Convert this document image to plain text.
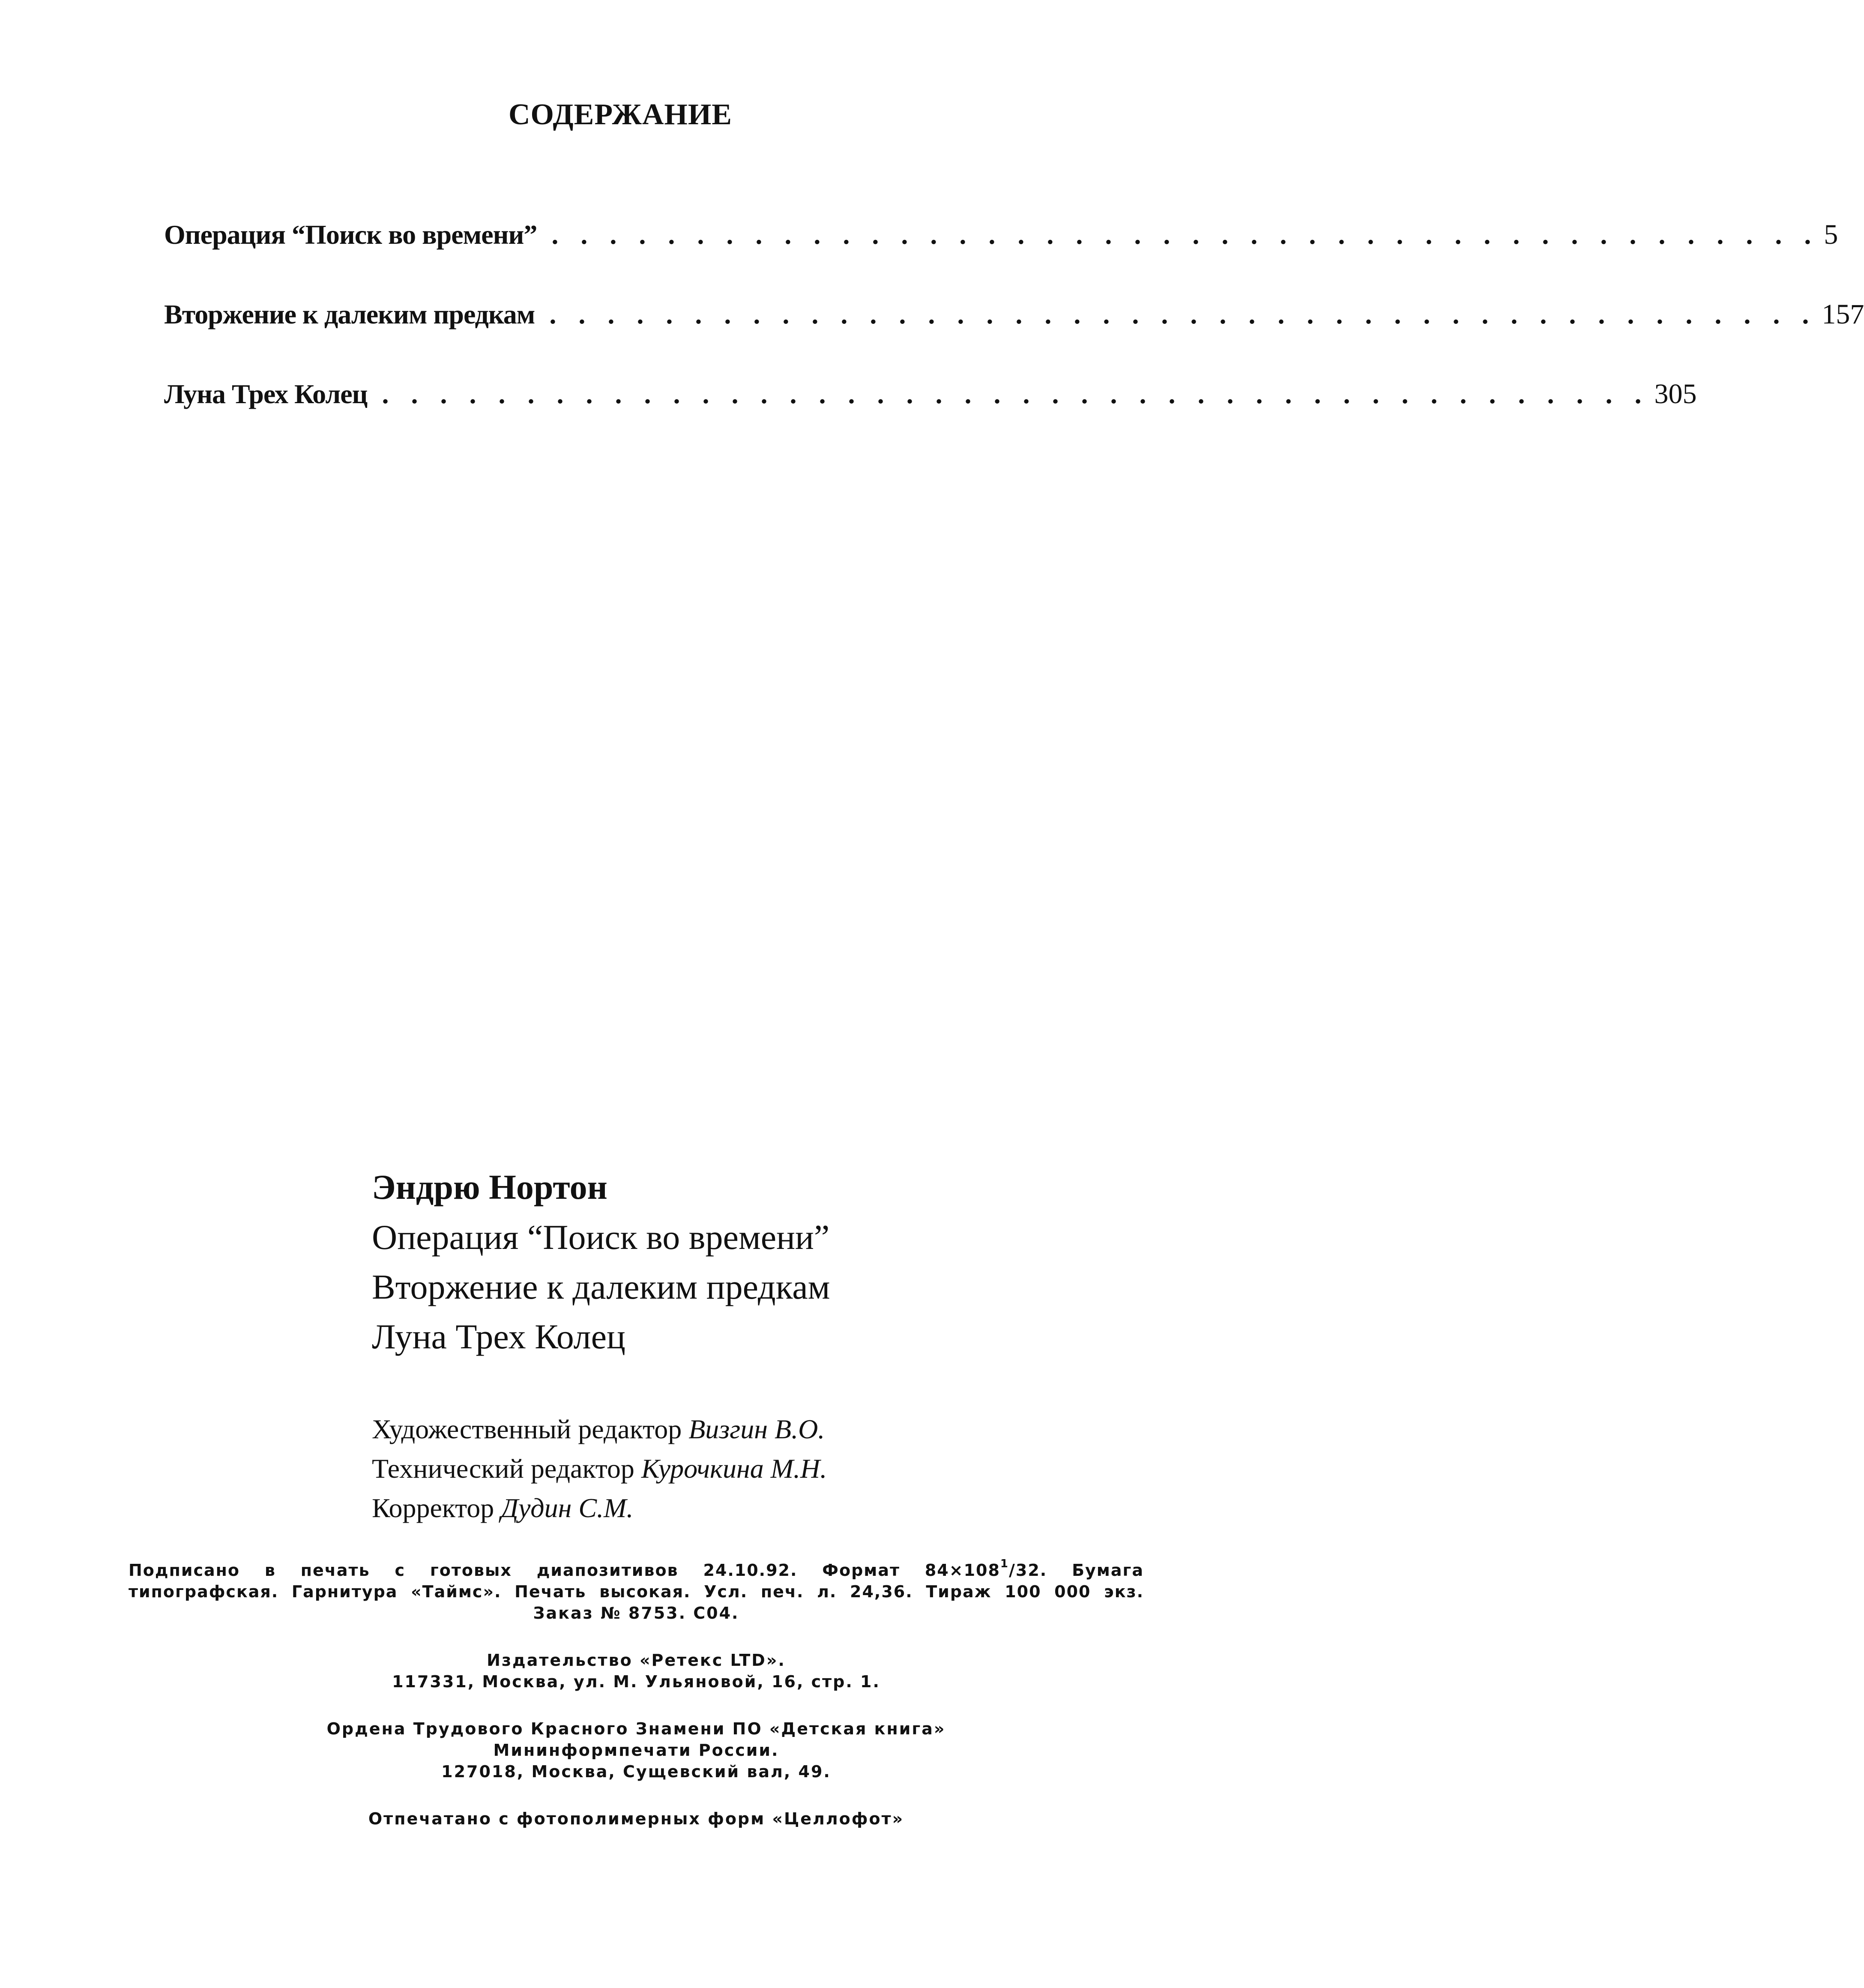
СОДЕРЖАНИЕ
Операция “Поиск во времени” . . . . . . . . . . . . . . . . . . . . . . . . . . . . . . . . . . . . . . . . . . . . 5
Вторжение к далеким предкам . . . . . . . . . . . . . . . . . . . . . . . . . . . . . . . . . . . . . . . . . . . . 157
Луна Трех Колец . . . . . . . . . . . . . . . . . . . . . . . . . . . . . . . . . . . . . . . . . . . . 305
Эндрю Нортон
Операция “Поиск во времени”
Вторжение к далеким предкам
Луна Трех Колец
Художественный редактор Визгин В.О.
Технический редактор Курочкина М.Н.
Корректор Дудин С.М.
Подписано в печать с готовых диапозитивов 24.10.92. Формат $84\times 108^1/32$. Бумага
типографская. Гарнитура «Таймс». Печать высокая. Усл. печ. л. 24,36. Тираж 100 000 экз.
Заказ № 8753. С04.
Издательство «Ретекс LTD».
117331, Москва, ул. М. Ульяновой, 16, стр. 1.
Ордена Трудового Красного Знамени ПО «Детская книга»
Мининформпечати России.
127018, Москва, Сущевский вал, 49.
Отпечатано с фотополимерных форм «Целлофот»
